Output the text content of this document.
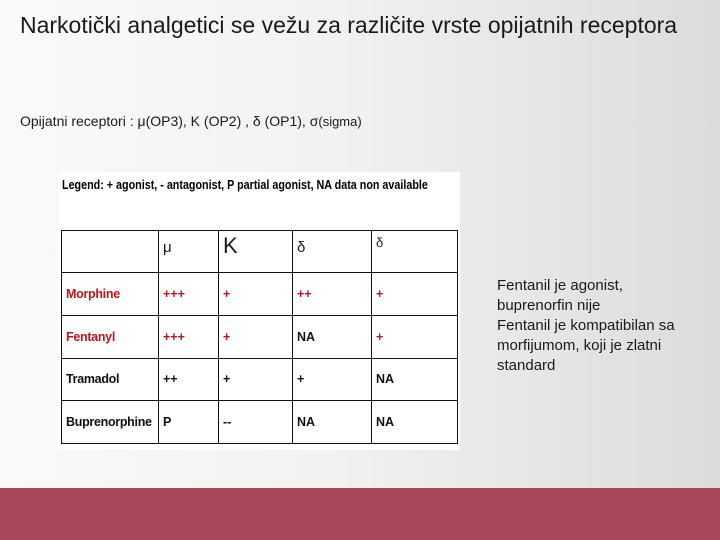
Narkotički analgetici se vežu za različite vrste opijatnih receptora
Opijatni receptori : μ(OP3), Κ (OP2) , δ (OP1), σ(sigma)
Legend: + agonist, - antagonist, P partial agonist, NA data non available
	μ	Κ	δ	δ
Morphine	+++	+	++	+
Fentanyl	+++	+	NA	+
Tramadol	++	+	+	NA
Buprenorphine	P	--	NA	NA

Fentanil je agonist, buprenorfin nije

Fentanil je kompatibilan sa morfijumom, koji je zlatni standard
